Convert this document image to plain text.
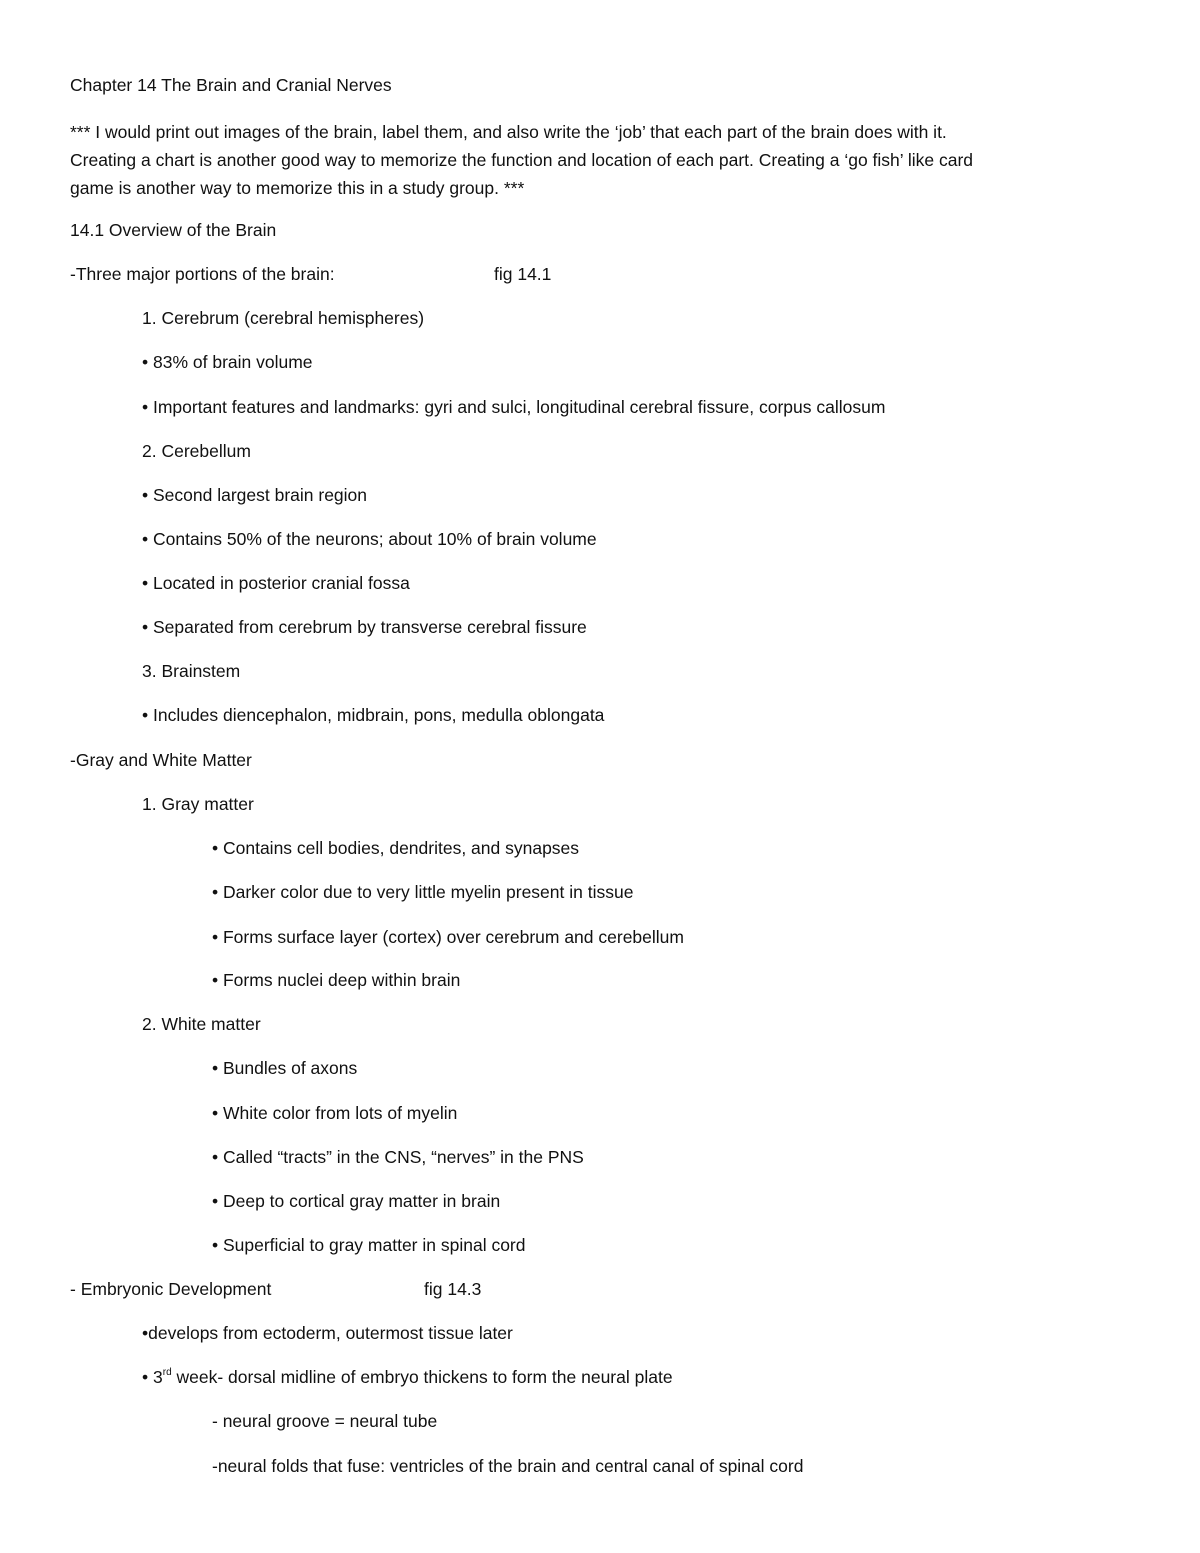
Chapter 14 The Brain and Cranial Nerves
*** I would print out images of the brain, label them, and also write the ‘job’ that each part of the brain does with it.
Creating a chart is another good way to memorize the function and location of each part. Creating a ‘go fish’ like card
game is another way to memorize this in a study group. ***
14.1 Overview of the Brain
-Three major portions of the brain:	fig 14.1
1. Cerebrum (cerebral hemispheres)
• 83% of brain volume
• Important features and landmarks: gyri and sulci, longitudinal cerebral fissure, corpus callosum
2. Cerebellum
• Second largest brain region
• Contains 50% of the neurons; about 10% of brain volume
• Located in posterior cranial fossa
• Separated from cerebrum by transverse cerebral fissure
3. Brainstem
• Includes diencephalon, midbrain, pons, medulla oblongata
-Gray and White Matter
1. Gray matter
• Contains cell bodies, dendrites, and synapses
• Darker color due to very little myelin present in tissue
• Forms surface layer (cortex) over cerebrum and cerebellum
• Forms nuclei deep within brain
2. White matter
• Bundles of axons
• White color from lots of myelin
• Called “tracts” in the CNS, “nerves” in the PNS
• Deep to cortical gray matter in brain
• Superficial to gray matter in spinal cord
- Embryonic Development	fig 14.3
•develops from ectoderm, outermost tissue later
• 3rd week- dorsal midline of embryo thickens to form the neural plate
- neural groove = neural tube
-neural folds that fuse: ventricles of the brain and central canal of spinal cord
